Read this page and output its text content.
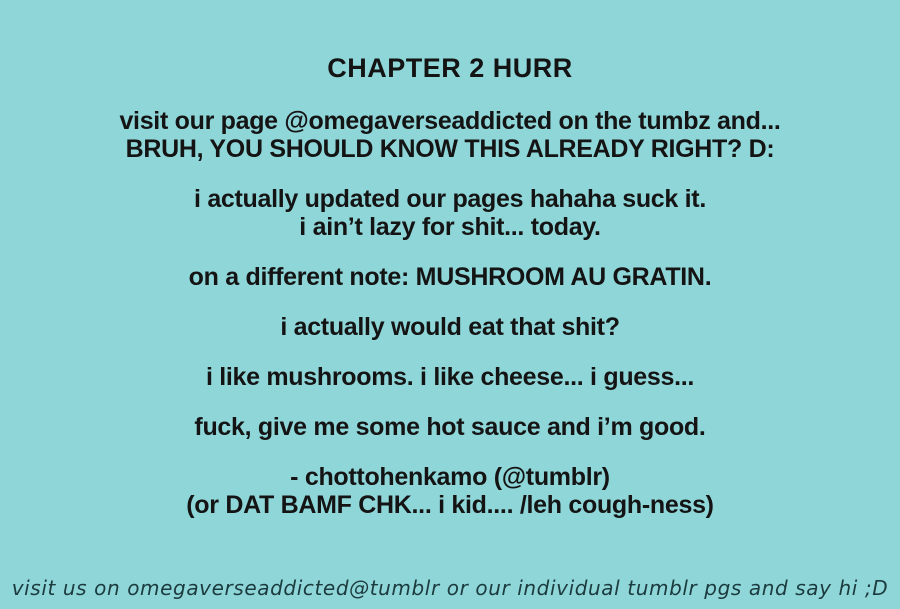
CHAPTER 2 HURR
visit our page @omegaverseaddicted on the tumbz and...
BRUH, YOU SHOULD KNOW THIS ALREADY RIGHT? D:
i actually updated our pages hahaha suck it.
i ain’t lazy for shit... today.
on a different note: MUSHROOM AU GRATIN.
i actually would eat that shit?
i like mushrooms. i like cheese... i guess...
fuck, give me some hot sauce and i’m good.
- chottohenkamo (@tumblr)
(or DAT BAMF CHK... i kid.... /leh cough-ness)
visit us on omegaverseaddicted@tumblr or our individual tumblr pgs and say hi ;D
